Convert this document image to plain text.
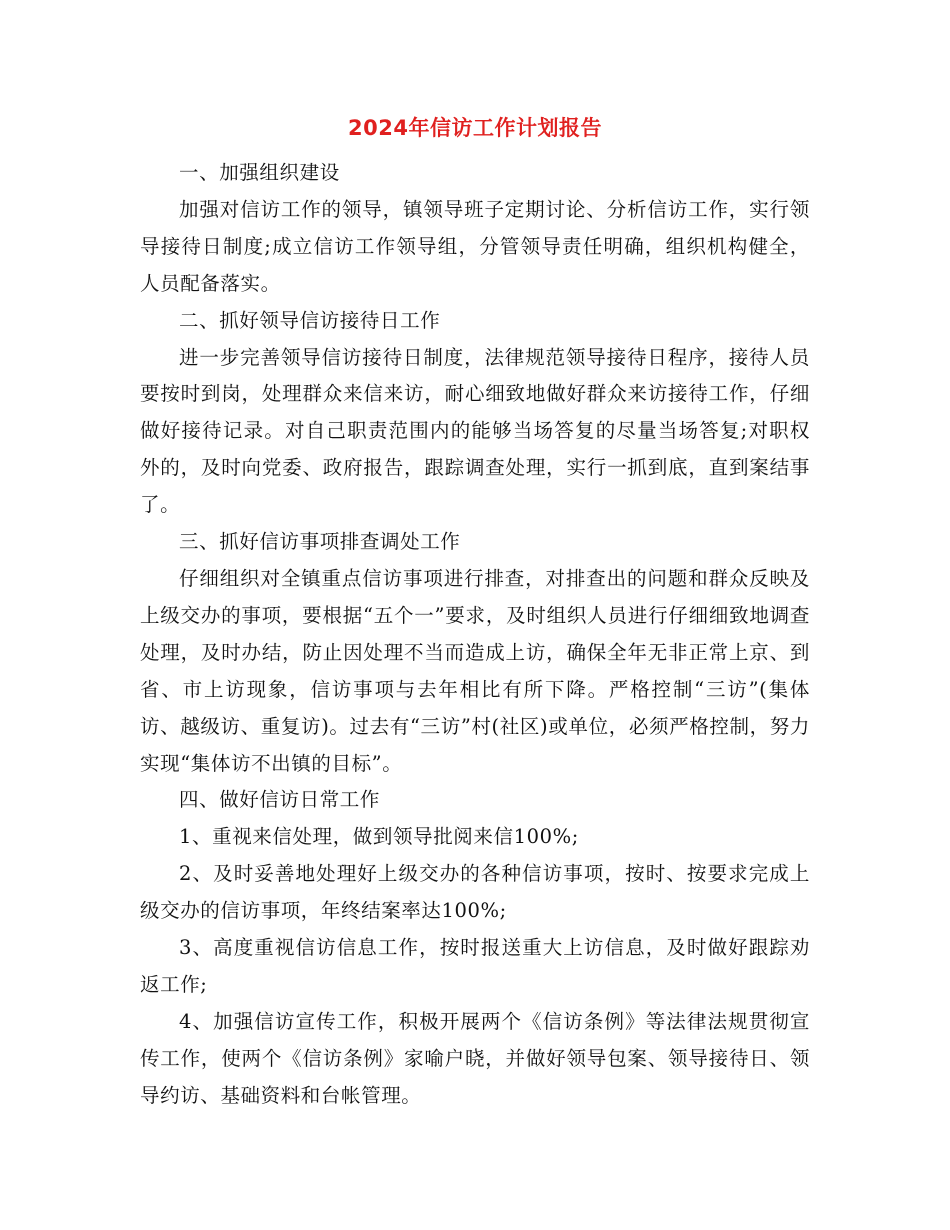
2024年信访工作计划报告

一、加强组织建设

加强对信访工作的领导，镇领导班子定期讨论、分析信访工作，实行领导接待日制度;成立信访工作领导组，分管领导责任明确，组织机构健全，人员配备落实。

二、抓好领导信访接待日工作

进一步完善领导信访接待日制度，法律规范领导接待日程序，接待人员要按时到岗，处理群众来信来访，耐心细致地做好群众来访接待工作，仔细做好接待记录。对自己职责范围内的能够当场答复的尽量当场答复;对职权外的，及时向党委、政府报告，跟踪调查处理，实行一抓到底，直到案结事了。

三、抓好信访事项排查调处工作

仔细组织对全镇重点信访事项进行排查，对排查出的问题和群众反映及上级交办的事项，要根据“五个一”要求，及时组织人员进行仔细细致地调查处理，及时办结，防止因处理不当而造成上访，确保全年无非正常上京、到省、市上访现象，信访事项与去年相比有所下降。严格控制“三访”(集体访、越级访、重复访)。过去有“三访”村(社区)或单位，必须严格控制，努力实现“集体访不出镇的目标”。

四、做好信访日常工作

1、重视来信处理，做到领导批阅来信100%;

2、及时妥善地处理好上级交办的各种信访事项，按时、按要求完成上级交办的信访事项，年终结案率达100%;

3、高度重视信访信息工作，按时报送重大上访信息，及时做好跟踪劝返工作;

4、加强信访宣传工作，积极开展两个《信访条例》等法律法规贯彻宣传工作，使两个《信访条例》家喻户晓，并做好领导包案、领导接待日、领导约访、基础资料和台帐管理。
